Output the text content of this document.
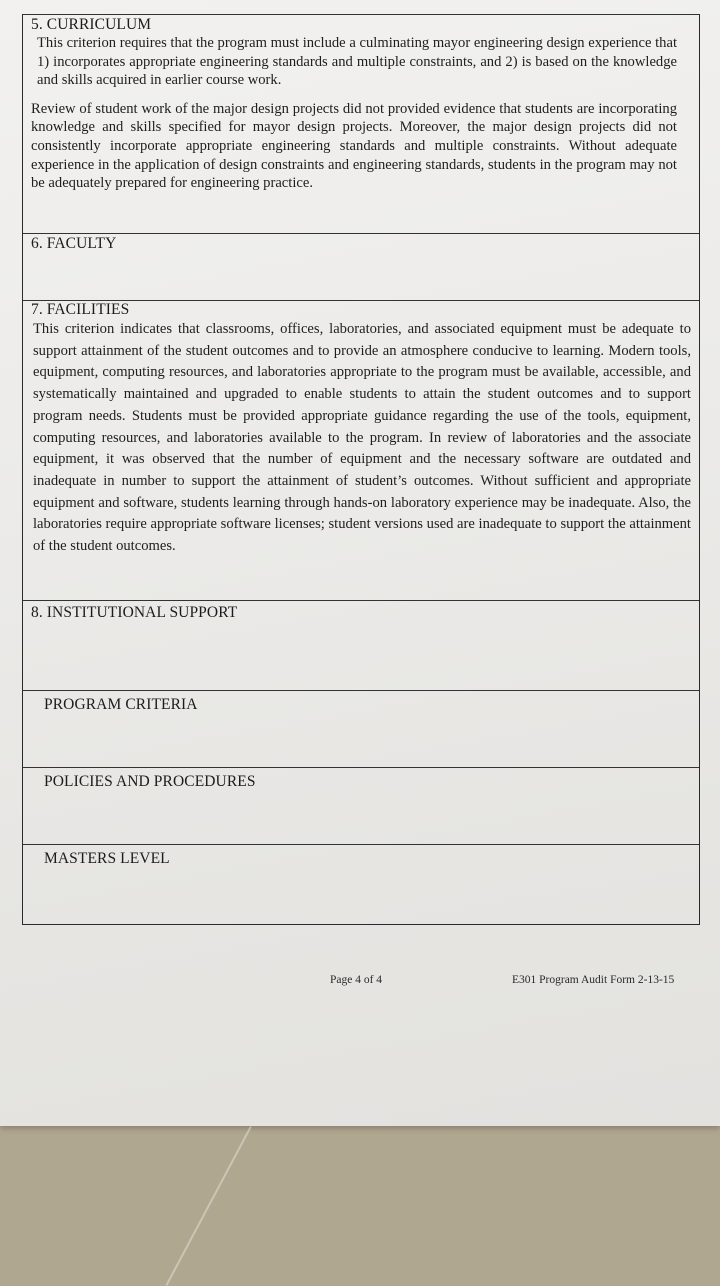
5. CURRICULUM
This criterion requires that the program must include a culminating mayor engineering design experience that 1) incorporates appropriate engineering standards and multiple constraints, and 2) is based on the knowledge and skills acquired in earlier course work.
Review of student work of the major design projects did not provided evidence that students are incorporating knowledge and skills specified for mayor design projects. Moreover, the major design projects did not consistently incorporate appropriate engineering standards and multiple constraints. Without adequate experience in the application of design constraints and engineering standards, students in the program may not be adequately prepared for engineering practice.
6. FACULTY
7. FACILITIES
This criterion indicates that classrooms, offices, laboratories, and associated equipment must be adequate to support attainment of the student outcomes and to provide an atmosphere conducive to learning. Modern tools, equipment, computing resources, and laboratories appropriate to the program must be available, accessible, and systematically maintained and upgraded to enable students to attain the student outcomes and to support program needs. Students must be provided appropriate guidance regarding the use of the tools, equipment, computing resources, and laboratories available to the program. In review of laboratories and the associate equipment, it was observed that the number of equipment and the necessary software are outdated and inadequate in number to support the attainment of student’s outcomes. Without sufficient and appropriate equipment and software, students learning through hands-on laboratory experience may be inadequate. Also, the laboratories require appropriate software licenses; student versions used are inadequate to support the attainment of the student outcomes.
8. INSTITUTIONAL SUPPORT
PROGRAM CRITERIA
POLICIES AND PROCEDURES
MASTERS LEVEL
Page 4 of 4	E301 Program Audit Form 2-13-15
